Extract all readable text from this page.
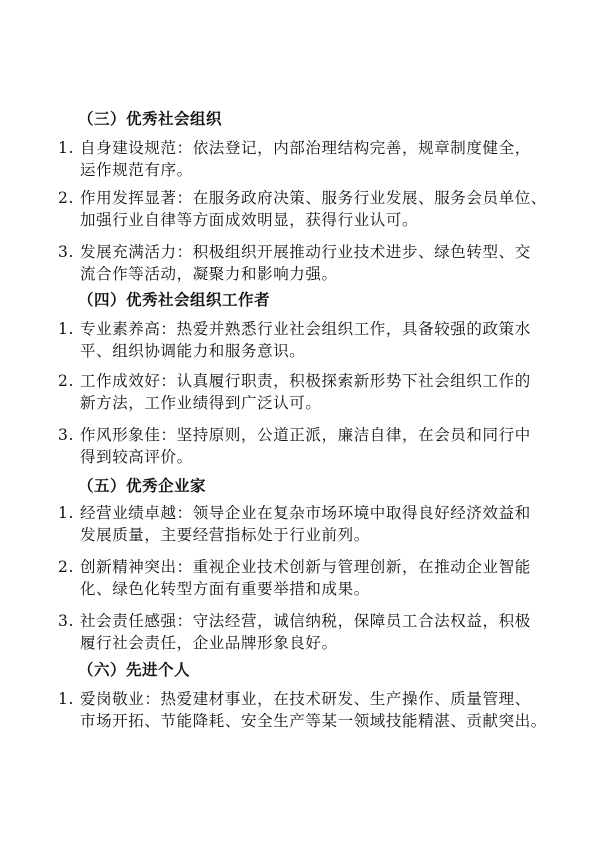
（三）优秀社会组织
1. 自身建设规范：依法登记，内部治理结构完善，规章制度健全，
运作规范有序。
2. 作用发挥显著：在服务政府决策、服务行业发展、服务会员单位、
加强行业自律等方面成效明显，获得行业认可。
3. 发展充满活力：积极组织开展推动行业技术进步、绿色转型、交
流合作等活动，凝聚力和影响力强。
（四）优秀社会组织工作者
1. 专业素养高：热爱并熟悉行业社会组织工作，具备较强的政策水
平、组织协调能力和服务意识。
2. 工作成效好：认真履行职责，积极探索新形势下社会组织工作的
新方法，工作业绩得到广泛认可。
3. 作风形象佳：坚持原则，公道正派，廉洁自律，在会员和同行中
得到较高评价。
（五）优秀企业家
1. 经营业绩卓越：领导企业在复杂市场环境中取得良好经济效益和
发展质量，主要经营指标处于行业前列。
2. 创新精神突出：重视企业技术创新与管理创新，在推动企业智能
化、绿色化转型方面有重要举措和成果。
3. 社会责任感强：守法经营，诚信纳税，保障员工合法权益，积极
履行社会责任，企业品牌形象良好。
（六）先进个人
1. 爱岗敬业：热爱建材事业，在技术研发、生产操作、质量管理、
市场开拓、节能降耗、安全生产等某一领域技能精湛、贡献突出。
